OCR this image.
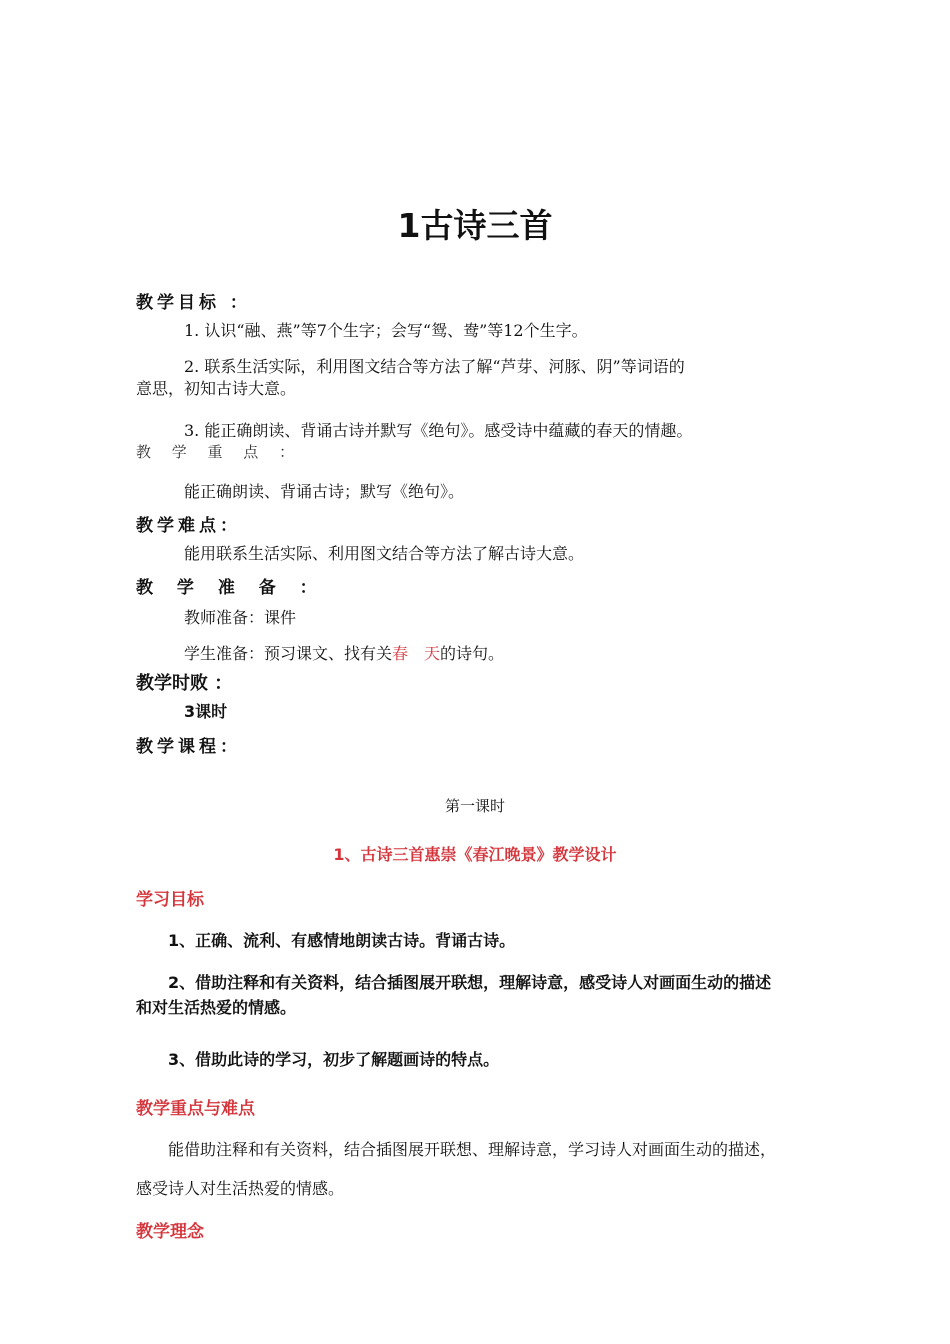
1古诗三首
教学目标 ：
1. 认识“融、燕”等7个生字；会写“鸳、鸯”等12个生字。
2. 联系生活实际，利用图文结合等方法了解“芦芽、河豚、阴”等词语的
意思，初知古诗大意。
3. 能正确朗读、背诵古诗并默写《绝句》。感受诗中蕴藏的春天的情趣。
教 学 重 点 ：
能正确朗读、背诵古诗；默写《绝句》。
教学难点：
能用联系生活实际、利用图文结合等方法了解古诗大意。
教 学 准 备 ：
教师准备：课件
学生准备：预习课文、找有关春　天的诗句。
教学时败 ：
3课时
教学课程：
第一课时
1、古诗三首惠崇《春江晚景》教学设计
学习目标
1、正确、流利、有感情地朗读古诗。背诵古诗。
2、借助注释和有关资料，结合插图展开联想，理解诗意，感受诗人对画面生动的描述
和对生活热爱的情感。
3、借助此诗的学习，初步了解题画诗的特点。
教学重点与难点
能借助注释和有关资料，结合插图展开联想、理解诗意，学习诗人对画面生动的描述，
感受诗人对生活热爱的情感。
教学理念
